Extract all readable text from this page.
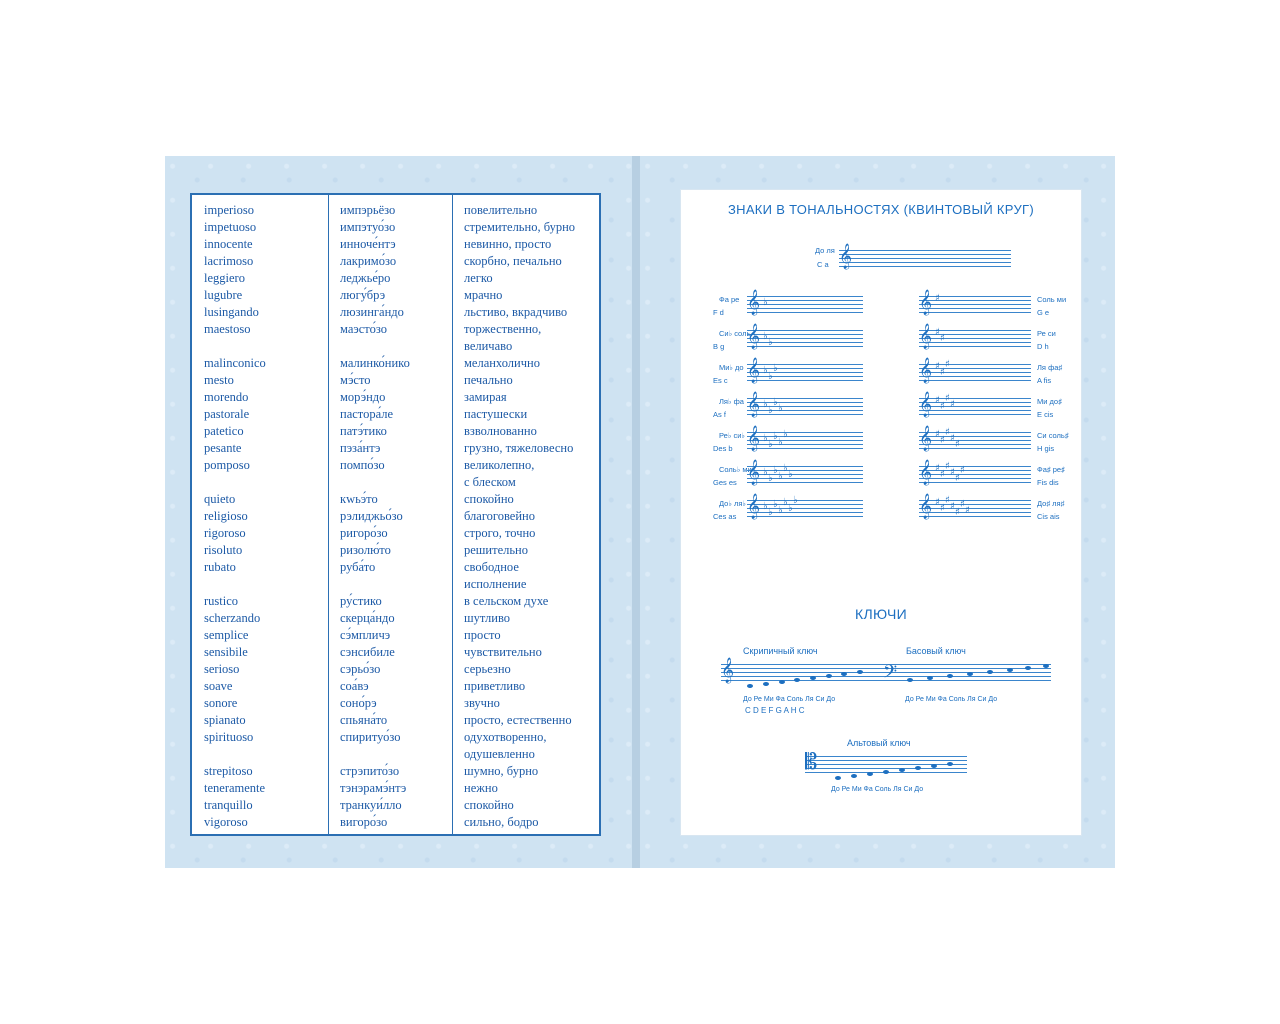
imperioso	импэрьёзо	повелительно
impetuoso	импэтуо́зо	стремительно, бурно
innocente	инноче́нтэ	невинно, просто
lacrimoso	лакримо́зо	скорбно, печально
leggiero	леджье́ро	легко
lugubre	люгу́брэ	мрачно
lusingando	люзинга́ндо	льстиво, вкрадчиво
maestoso	маэсто́зо	торжественно,
величаво
malinconico	малинко́нико	меланхолично
mesto	мэ́сто	печально
morendo	морэ́ндо	замирая
pastorale	пастора́ле	пастушески
patetico	патэ́тико	взволнованно
pesante	пэза́нтэ	грузно, тяжеловесно
pomposo	помпо́зо	великолепно,
с блеском
quieto	кwьэ́то	спокойно
religioso	рэлиджьо́зо	благоговейно
rigoroso	ригоро́зо	строго, точно
risoluto	ризолю́то	решительно
rubato	руба́то	свободное
исполнение
rustico	ру́стико	в сельском духе
scherzando	скерца́ндо	шутливо
semplice	сэ́мпличэ	просто
sensibile	сэнсибиле	чувствительно
serioso	сэрьо́зо	серьезно
soave	соа́вэ	приветливо
sonore	соно́рэ	звучно
spianato	спьяна́то	просто, естественно
spirituoso	спиритуо́зо	одухотворенно,
одушевленно
strepitoso	стрэпито́зо	шумно, бурно
teneramente	тэнэрамэ́нтэ	нежно
tranquillo	транкуи́лло	спокойно
vigoroso	вигоро́зо	сильно, бодро
ЗНАКИ В ТОНАЛЬНОСТЯХ (КВИНТОВЫЙ КРУГ)
КЛЮЧИ
До ля
C a 𝄞
Фа ре
F d 𝄞 ♭
Си♭ соль
B g 𝄞 ♭
♭
Ми♭ до
Es c 𝄞 ♭
♭
♭
Ля♭ фа
As f 𝄞 ♭
♭
♭
♭
Ре♭ си♭
Des b 𝄞 ♭
♭
♭
♭
♭
Соль♭ ми♭
Ges es 𝄞 ♭
♭
♭
♭
♭
♭
До♭ ля♭
Ces as 𝄞 ♭
♭
♭
♭
♭
♭
♭
𝄞 ♯	Соль ми
G e
𝄞 ♯
♯	Ре си
D h
𝄞 ♯
♯
♯	Ля фа♯
A fis
𝄞 ♯
♯
♯
♯	Ми до♯
E cis
𝄞 ♯
♯
♯
♯
♯
Си соль♯
H gis
𝄞 ♯
♯
♯
♯
♯
♯	Фа♯ ре♯
Fis dis
𝄞 ♯
♯
♯
♯
♯
♯
♯
До♯ ля♯
Cis ais
Скрипичный ключ	Басовый ключ
𝄞	𝄢
До Ре Ми Фа Соль Ля Си До	До Ре Ми Фа Соль Ля Си До
C D E F G A H C
Альтовый ключ
𝄡
До Ре Ми Фа Соль Ля Си До
